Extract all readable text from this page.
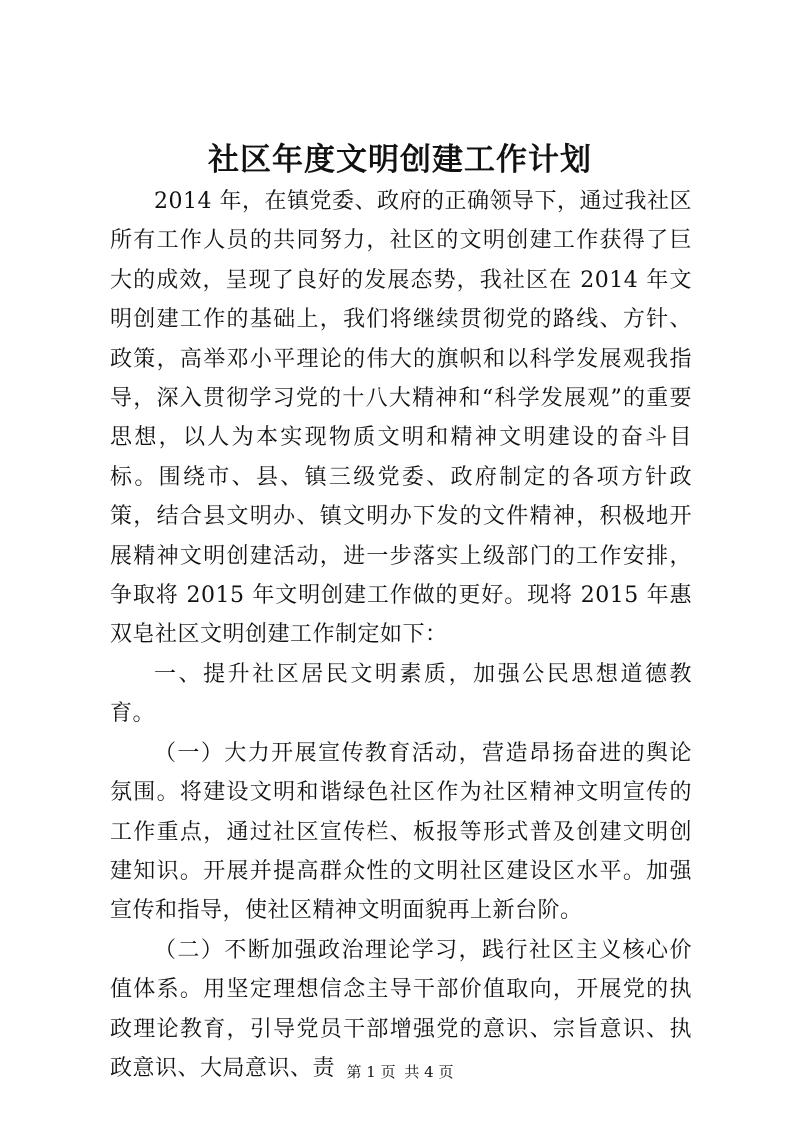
社区年度文明创建工作计划

2014 年，在镇党委、政府的正确领导下，通过我社区所有工作人员的共同努力，社区的文明创建工作获得了巨大的成效，呈现了良好的发展态势，我社区在 2014 年文明创建工作的基础上，我们将继续贯彻党的路线、方针、政策，高举邓小平理论的伟大的旗帜和以科学发展观我指导，深入贯彻学习党的十八大精神和“科学发展观”的重要思想，以人为本实现物质文明和精神文明建设的奋斗目标。围绕市、县、镇三级党委、政府制定的各项方针政策，结合县文明办、镇文明办下发的文件精神，积极地开展精神文明创建活动，进一步落实上级部门的工作安排，争取将 2015 年文明创建工作做的更好。现将 2015 年惠双皂社区文明创建工作制定如下：

一、提升社区居民文明素质，加强公民思想道德教育。

（一）大力开展宣传教育活动，营造昂扬奋进的舆论氛围。将建设文明和谐绿色社区作为社区精神文明宣传的工作重点，通过社区宣传栏、板报等形式普及创建文明创建知识。开展并提高群众性的文明社区建设区水平。加强宣传和指导，使社区精神文明面貌再上新台阶。

（二）不断加强政治理论学习，践行社区主义核心价值体系。用坚定理想信念主导干部价值取向，开展党的执政理论教育，引导党员干部增强党的意识、宗旨意识、执政意识、大局意识、责 第 1 页 共 4 页
